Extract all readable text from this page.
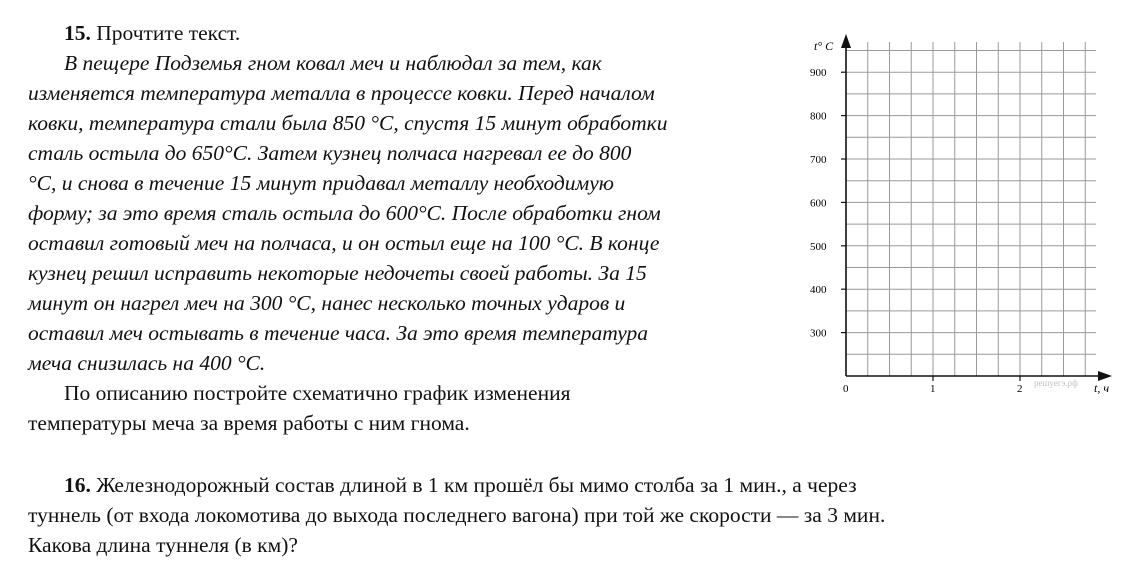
15. Прочтите текст.
В пещере Подземья гном ковал меч и наблюдал за тем, как
изменяется температура металла в процессе ковки. Перед началом
ковки, температура стали была 850 °C, спустя 15 минут обработки
сталь остыла до 650°C. Затем кузнец полчаса нагревал ее до 800
°C, и снова в течение 15 минут придавал металлу необходимую
форму; за это время сталь остыла до 600°C. После обработки гном
оставил готовый меч на полчаса, и он остыл еще на 100 °C. В конце
кузнец решил исправить некоторые недочеты своей работы. За 15
минут он нагрел меч на 300 °C, нанес несколько точных ударов и
оставил меч остывать в течение часа. За это время температура
меча снизилась на 400 °C.
По описанию постройте схематично график изменения
температуры меча за время работы с ним гнома.
300
400
500
600
700
800
900
0	1	2
t° C
t, ч
решуегэ.рф
16. Железнодорожный состав длиной в 1 км прошёл бы мимо столба за 1 мин., а через
туннель (от входа локомотива до выхода последнего вагона) при той же скорости — за 3 мин.
Какова длина туннеля (в км)?
